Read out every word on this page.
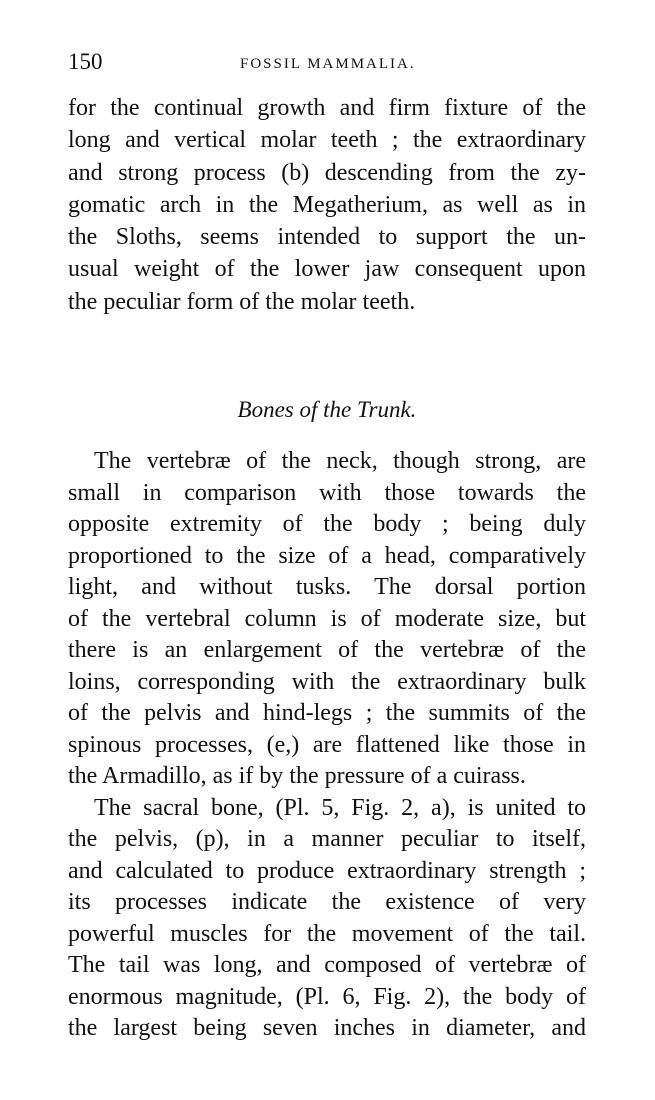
150	FOSSIL MAMMALIA.
for the continual growth and firm fixture of the
long and vertical molar teeth ; the extraordinary
and strong process (b) descending from the zy-
gomatic arch in the Megatherium, as well as in
the Sloths, seems intended to support the un-
usual weight of the lower jaw consequent upon
the peculiar form of the molar teeth.
Bones of the Trunk.
The vertebræ of the neck, though strong, are
small in comparison with those towards the
opposite extremity of the body ; being duly
proportioned to the size of a head, comparatively
light, and without tusks. The dorsal portion
of the vertebral column is of moderate size, but
there is an enlargement of the vertebræ of the
loins, corresponding with the extraordinary bulk
of the pelvis and hind-legs ; the summits of the
spinous processes, (e,) are flattened like those in
the Armadillo, as if by the pressure of a cuirass.
The sacral bone, (Pl. 5, Fig. 2, a), is united to
the pelvis, (p), in a manner peculiar to itself,
and calculated to produce extraordinary strength ;
its processes indicate the existence of very
powerful muscles for the movement of the tail.
The tail was long, and composed of vertebræ of
enormous magnitude, (Pl. 6, Fig. 2), the body of
the largest being seven inches in diameter, and
